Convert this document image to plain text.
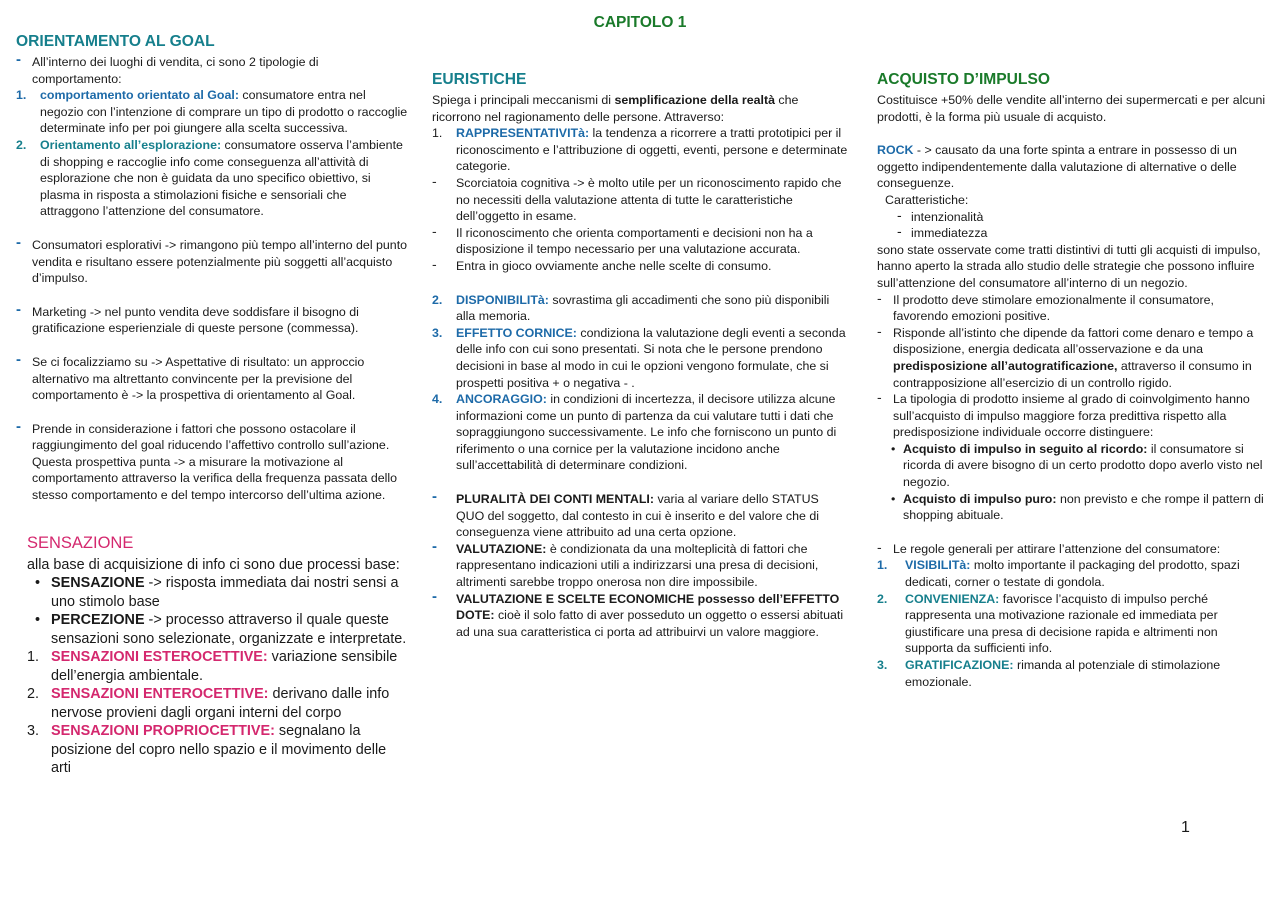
CAPITOLO 1
ORIENTAMENTO AL GOAL
- All’interno dei luoghi di vendita, ci sono 2 tipologie di comportamento:
1. comportamento orientato al Goal: consumatore entra nel negozio con l’intenzione di comprare un tipo di prodotto o raccoglie determinate info per poi giungere alla scelta successiva.
2. Orientamento all’esplorazione: consumatore osserva l’ambiente di shopping e raccoglie info come conseguenza all’attività di esplorazione che non è guidata da uno specifico obiettivo, si plasma in risposta a stimolazioni fisiche e sensoriali che attraggono l’attenzione del consumatore.
- Consumatori esplorativi -> rimangono più tempo all’interno del punto vendita e risultano essere potenzialmente più soggetti all’acquisto d’impulso.
- Marketing -> nel punto vendita deve soddisfare il bisogno di gratificazione esperienziale di queste persone (commessa).
- Se ci focalizziamo su -> Aspettative di risultato: un approccio alternativo ma altrettanto convincente per la previsione del comportamento è -> la prospettiva di orientamento al Goal.
- Prende in considerazione i fattori che possono ostacolare il raggiungimento del goal riducendo l’affettivo controllo sull’azione. Questa prospettiva punta -> a misurare la motivazione al comportamento attraverso la verifica della frequenza passata dello stesso comportamento e del tempo intercorso dell’ultima azione.
SENSAZIONE

alla base di acquisizione di info ci sono due processi base:

• SENSAZIONE -> risposta immediata dai nostri sensi a uno stimolo base
• PERCEZIONE -> processo attraverso il quale queste sensazioni sono selezionate, organizzate e interpretate.
1. SENSAZIONI ESTEROCETTIVE: variazione sensibile dell’energia ambientale.
2. SENSAZIONI ENTEROCETTIVE: derivano dalle info nervose provieni dagli organi interni del corpo
3. SENSAZIONI PROPRIOCETTIVE: segnalano la posizione del copro nello spazio e il movimento delle arti
EURISTICHE

Spiega i principali meccanismi di semplificazione della realtà che ricorrono nel ragionamento delle persone. Attraverso:

1. RAPPRESENTATIVITà: la tendenza a ricorrere a tratti prototipici per il riconoscimento e l’attribuzione di oggetti, eventi, persone e determinate categorie.
- Scorciatoia cognitiva -> è molto utile per un riconoscimento rapido che no necessiti della valutazione attenta di tutte le caratteristiche dell’oggetto in esame.
- Il riconoscimento che orienta comportamenti e decisioni non ha a disposizione il tempo necessario per una valutazione accurata.
- Entra in gioco ovviamente anche nelle scelte di consumo.
2. DISPONIBILITà: sovrastima gli accadimenti che sono più disponibili alla memoria.
3. EFFETTO CORNICE: condiziona la valutazione degli eventi a seconda delle info con cui sono presentati. Si nota che le persone prendono decisioni in base al modo in cui le opzioni vengono formulate, che si prospetti positiva + o negativa - .
4. ANCORAGGIO: in condizioni di incertezza, il decisore utilizza alcune informazioni come un punto di partenza da cui valutare tutti i dati che sopraggiungono successivamente. Le info che forniscono un punto di riferimento o una cornice per la valutazione incidono anche sull’accettabilità di determinare condizioni.
- PLURALITÀ DEI CONTI MENTALI: varia al variare dello STATUS QUO del soggetto, dal contesto in cui è inserito e del valore che di conseguenza viene attribuito ad una certa opzione.
- VALUTAZIONE: è condizionata da una molteplicità di fattori che rappresentano indicazioni utili a indirizzarsi una presa di decisioni, altrimenti sarebbe troppo onerosa non dire impossibile.
- VALUTAZIONE E SCELTE ECONOMICHE possesso dell’EFFETTO DOTE: cioè il solo fatto di aver posseduto un oggetto o essersi abituati ad una sua caratteristica ci porta ad attribuirvi un valore maggiore.
ACQUISTO D’IMPULSO

Costituisce +50% delle vendite all’interno dei supermercati e per alcuni prodotti, è la forma più usuale di acquisto.

ROCK - > causato da una forte spinta a entrare in possesso di un oggetto indipendentemente dalla valutazione di alternative o delle conseguenze.

Caratteristiche:

- intenzionalità
- immediatezza

sono state osservate come tratti distintivi di tutti gli acquisti di impulso, hanno aperto la strada allo studio delle strategie che possono influire sull’attenzione del consumatore all’interno di un negozio.

- Il prodotto deve stimolare emozionalmente il consumatore, favorendo emozioni positive.
- Risponde all’istinto che dipende da fattori come denaro e tempo a disposizione, energia dedicata all’osservazione e da una predisposizione all’autogratificazione, attraverso il consumo in contrapposizione all’esercizio di un controllo rigido.
- La tipologia di prodotto insieme al grado di coinvolgimento hanno sull’acquisto di impulso maggiore forza predittiva rispetto alla predisposizione individuale occorre distinguere:
• Acquisto di impulso in seguito al ricordo: il consumatore si ricorda di avere bisogno di un certo prodotto dopo averlo visto nel negozio.
• Acquisto di impulso puro: non previsto e che rompe il pattern di shopping abituale.
- Le regole generali per attirare l’attenzione del consumatore:
1. VISIBILITà: molto importante il packaging del prodotto, spazi dedicati, corner o testate di gondola.
2. CONVENIENZA: favorisce l’acquisto di impulso perché rappresenta una motivazione razionale ed immediata per giustificare una presa di decisione rapida e altrimenti non supporta da sufficienti info.
3. GRATIFICAZIONE: rimanda al potenziale di stimolazione emozionale.
1
